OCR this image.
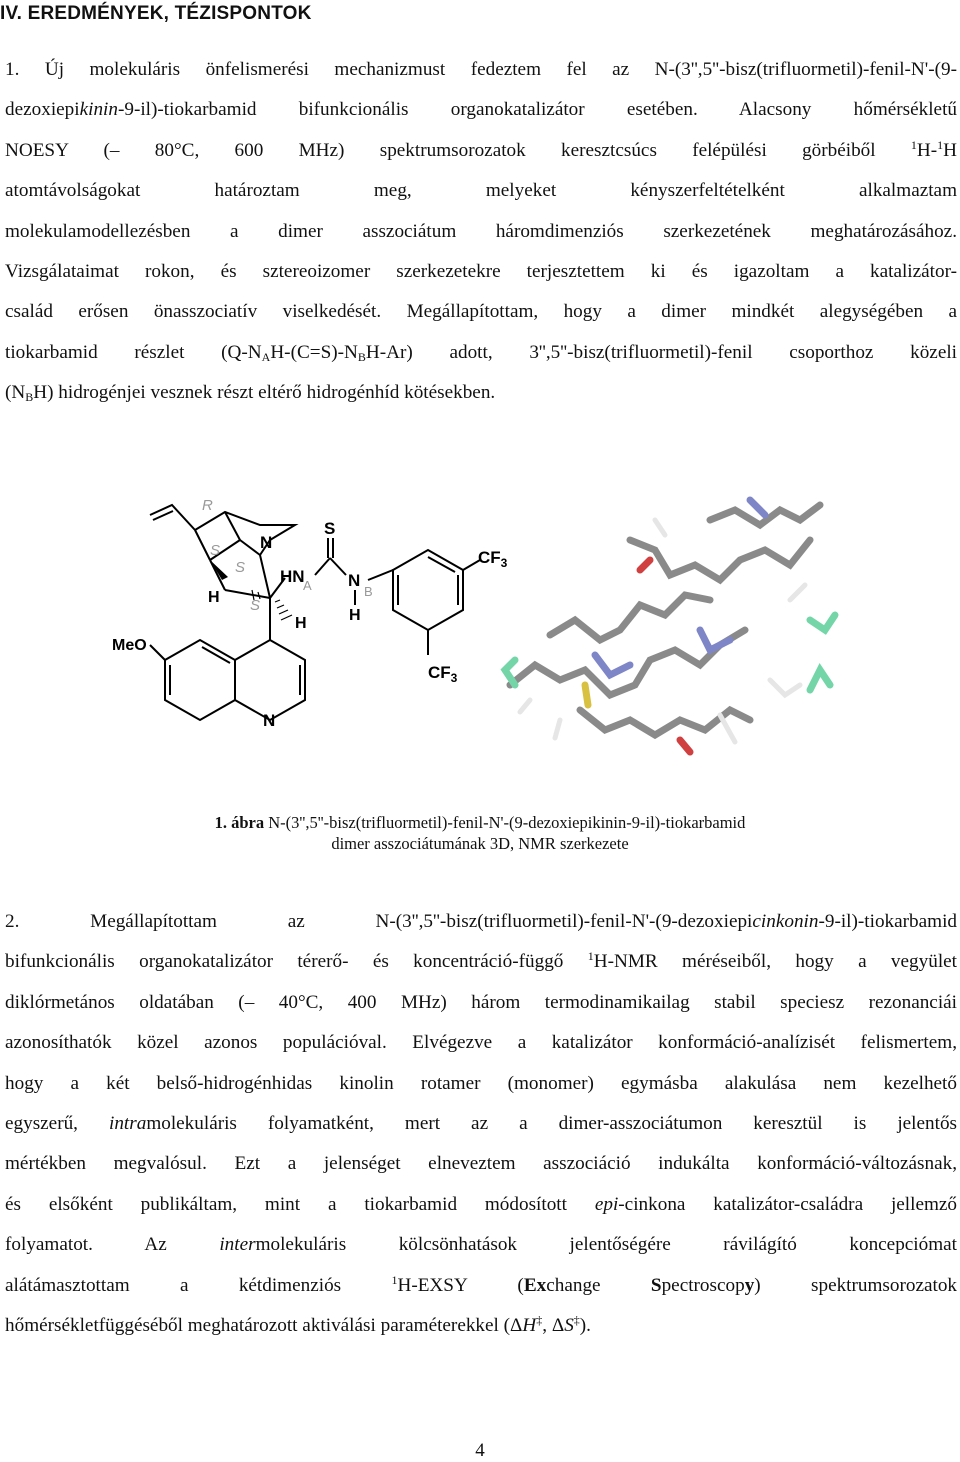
IV. EREDMÉNYEK, TÉZISPONTOK
1. Új molekuláris önfelismerési mechanizmust fedeztem fel az N-(3'',5''-bisz(trifluormetil)-fenil-N'-(9-
dezoxiepikinin-9-il)-tiokarbamid bifunkcionális organokatalizátor esetében. Alacsony hőmérsékletű
NOESY (– 80°C, 600 MHz) spektrumsorozatok keresztcsúcs felépülési görbéiből	$^1$H-$^1$H
atomtávolságokat határoztam meg, melyeket kényszerfeltételként alkalmaztam
molekulamodellezésben a dimer asszociátum háromdimenziós szerkezetének meghatározásához.
Vizsgálataimat rokon, és sztereoizomer szerkezetekre terjesztettem ki és igazoltam a katalizátor-
család erősen önasszociatív viselkedését. Megállapítottam, hogy a dimer mindkét alegységében a
tiokarbamid részlet $(Q-N_AH-(C=S)-N_BH-Ar)$ adott, 3'',5''-bisz(trifluormetil)-fenil csoporthoz közeli
$(N_BH)$ hidrogénjei vesznek részt eltérő hidrogénhíd kötésekben.
R
S
S
S
N
H
H
HN
A
S
N
B
H
$CF_3$
$CF_3$
MeO
N
1. ábra N-(3'',5''-bisz(trifluormetil)-fenil-N'-(9-dezoxiepikinin-9-il)-tiokarbamid
dimer asszociátumának 3D, NMR szerkezete
2. Megállapítottam az N-(3'',5''-bisz(trifluormetil)-fenil-N'-(9-dezoxiepicinkonin-9-il)-tiokarbamid
bifunkcionális organokatalizátor térerő- és koncentráció-függő $^1$H-NMR méréseiből, hogy a vegyület
diklórmetános oldatában (– 40°C, 400 MHz) három termodinamikailag stabil speciesz rezonanciái
azonosíthatók közel azonos populációval. Elvégezve a katalizátor konformáció-analízisét felismertem,
hogy a két belső-hidrogénhidas kinolin rotamer (monomer) egymásba alakulása nem kezelhető
egyszerű, intramolekuláris folyamatként, mert az a dimer-asszociátumon keresztül is jelentős
mértékben megvalósul. Ezt a jelenséget elneveztem asszociáció indukálta konformáció-változásnak,
és elsőként publikáltam, mint a tiokarbamid módosított epi-cinkona katalizátor-családra jellemző
folyamatot. Az	intermolekuláris kölcsönhatások jelentőségére rávilágító koncepciómat
alátámasztottam a kétdimenziós	$^1$H-EXSY (Exchange	Spectroscopy) spektrumsorozatok
hőmérsékletfüggéséből meghatározott aktiválási paraméterekkel (ΔH‡, ΔS‡).
4
